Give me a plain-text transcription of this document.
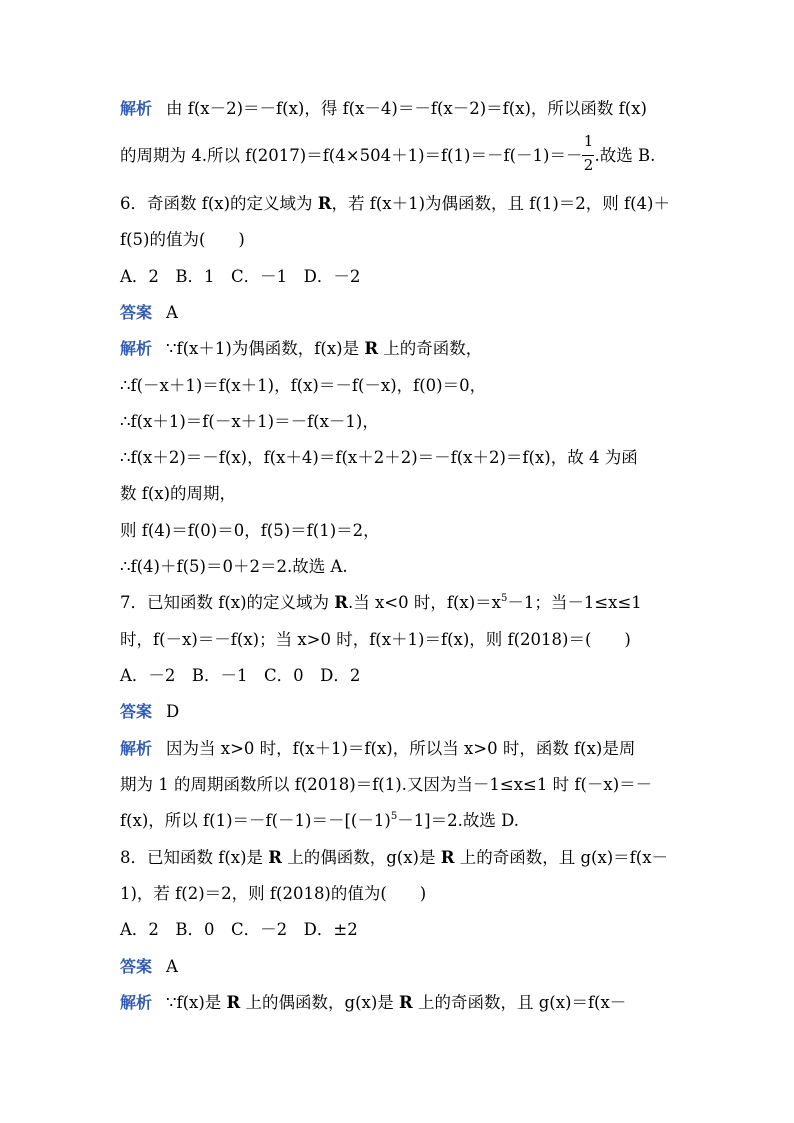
解析 由 f(x－2)＝－f(x)，得 f(x－4)＝－f(x－2)＝f(x)，所以函数 f(x)
的周期为 4.所以 $f(2017)=f(4\times 504+1)=f(1)=-f(-1)=- \frac{1}{2}$ .故选 B.
6．奇函数 f(x)的定义域为 R，若 f(x＋1)为偶函数，且 f(1)＝2，则 f(4)＋
f(5)的值为(　　)
A．2　B．1　C．－1　D．－2
答案 A
解析 ∵f(x＋1)为偶函数，f(x)是 R 上的奇函数，
∴f(－x＋1)＝f(x＋1)，f(x)＝－f(－x)，f(0)＝0，
∴f(x＋1)＝f(－x＋1)＝－f(x－1)，
∴f(x＋2)＝－f(x)，f(x＋4)＝f(x＋2＋2)＝－f(x＋2)＝f(x)，故 4 为函
数 f(x)的周期，
则 f(4)＝f(0)＝0，f(5)＝f(1)＝2，
∴f(4)＋f(5)＝0＋2＝2.故选 A.
7．已知函数 f(x)的定义域为 R.当 x<0 时，$f(x)=x^5-1$；当－1≤x≤1
时，f(－x)＝－f(x)；当 x>0 时，f(x＋1)＝f(x)，则 f(2018)＝(　　)
A．－2　B．－1　C．0　D．2
答案 D
解析 因为当 x>0 时，f(x＋1)＝f(x)，所以当 x>0 时，函数 f(x)是周
期为 1 的周期函数所以 f(2018)＝f(1).又因为当－1≤x≤1 时 f(－x)＝－
f(x)，所以 $f(1)=-f(-1)=-[(-1)^5-1]=2$.故选 D.
8．已知函数 f(x)是 R 上的偶函数，g(x)是 R 上的奇函数，且 g(x)＝f(x－
1)，若 f(2)＝2，则 f(2018)的值为(　　)
A．2　B．0　C．－2　D．±2
答案 A
解析 ∵f(x)是 R 上的偶函数，g(x)是 R 上的奇函数，且 g(x)＝f(x－
